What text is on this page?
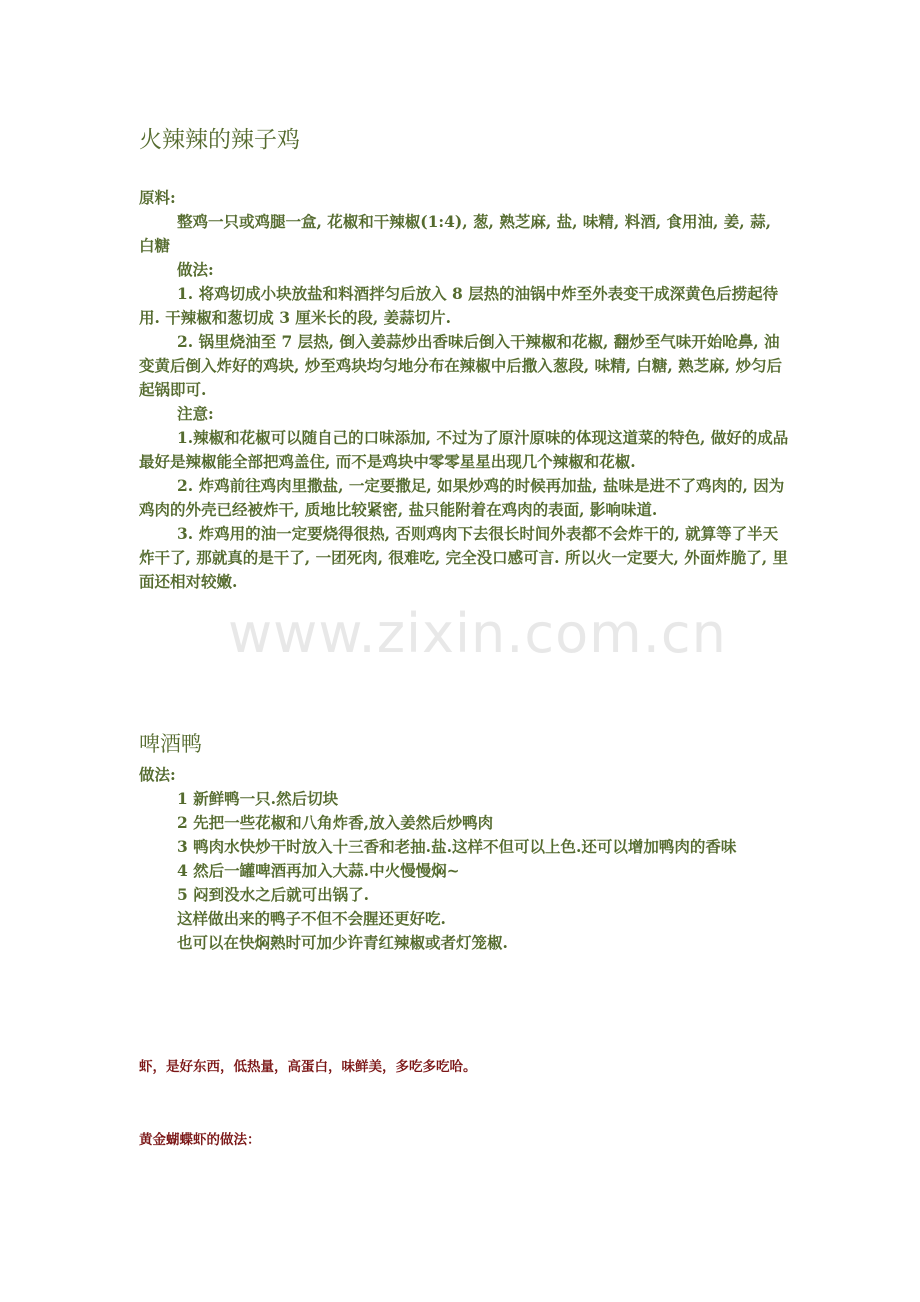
www.zixin.com.cn
火辣辣的辣子鸡

原料:

整鸡一只或鸡腿一盒, 花椒和干辣椒(1:4), 葱, 熟芝麻, 盐, 味精, 料酒, 食用油, 姜, 蒜, 白糖

做法:

1. 将鸡切成小块放盐和料酒拌匀后放入 8 层热的油锅中炸至外表变干成深黄色后捞起待用. 干辣椒和葱切成 3 厘米长的段, 姜蒜切片.

2. 锅里烧油至 7 层热, 倒入姜蒜炒出香味后倒入干辣椒和花椒, 翻炒至气味开始呛鼻, 油变黄后倒入炸好的鸡块, 炒至鸡块均匀地分布在辣椒中后撒入葱段, 味精, 白糖, 熟芝麻, 炒匀后起锅即可.

注意:

1.辣椒和花椒可以随自己的口味添加, 不过为了原汁原味的体现这道菜的特色, 做好的成品最好是辣椒能全部把鸡盖住, 而不是鸡块中零零星星出现几个辣椒和花椒.

2. 炸鸡前往鸡肉里撒盐, 一定要撒足, 如果炒鸡的时候再加盐, 盐味是进不了鸡肉的, 因为鸡肉的外壳已经被炸干, 质地比较紧密, 盐只能附着在鸡肉的表面, 影响味道.

3. 炸鸡用的油一定要烧得很热, 否则鸡肉下去很长时间外表都不会炸干的, 就算等了半天炸干了, 那就真的是干了, 一团死肉, 很难吃, 完全没口感可言. 所以火一定要大, 外面炸脆了, 里面还相对较嫩.

啤酒鸭

做法:

1 新鲜鸭一只.然后切块

2 先把一些花椒和八角炸香,放入姜然后炒鸭肉

3 鸭肉水快炒干时放入十三香和老抽.盐.这样不但可以上色.还可以增加鸭肉的香味

4 然后一罐啤酒再加入大蒜.中火慢慢焖~

5 闷到没水之后就可出锅了.

这样做出来的鸭子不但不会腥还更好吃.

也可以在快焖熟时可加少许青红辣椒或者灯笼椒.

虾，是好东西，低热量，高蛋白，味鲜美，多吃多吃哈。
黄金蝴蝶虾的做法：
